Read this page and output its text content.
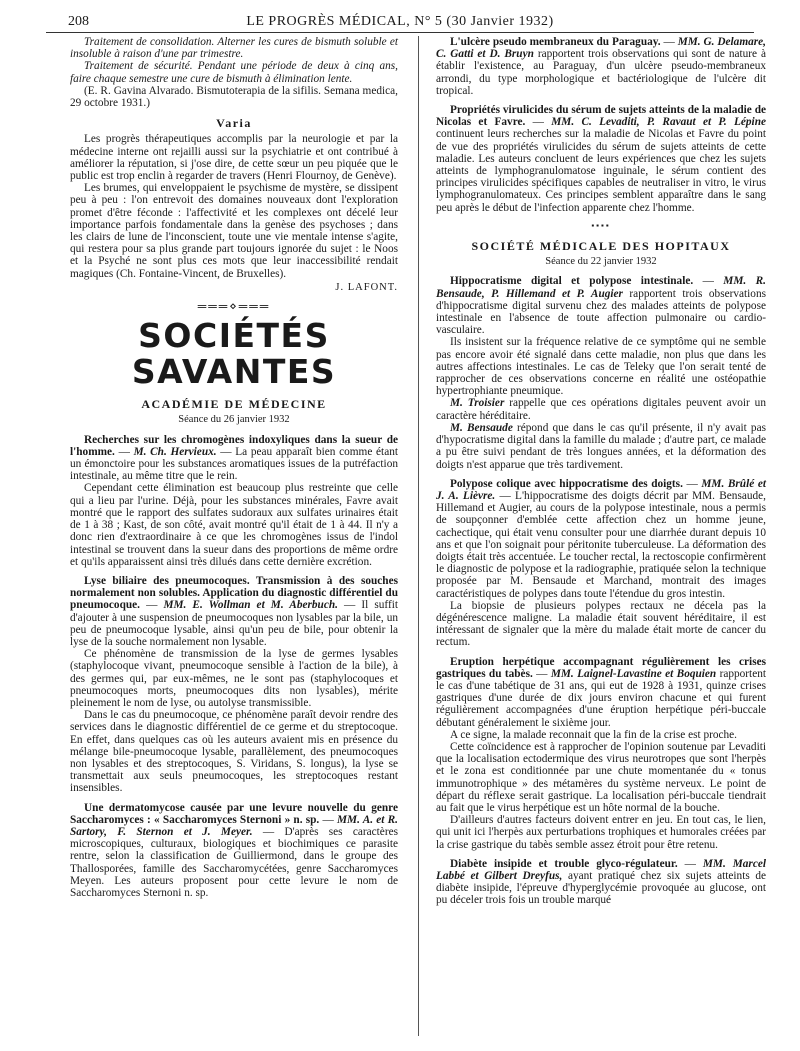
208	LE PROGRÈS MÉDICAL, N° 5 (30 Janvier 1932)

Traitement de consolidation. Alterner les cures de bismuth soluble et insoluble à raison d'une par trimestre.

Traitement de sécurité. Pendant une période de deux à cinq ans, faire chaque semestre une cure de bismuth à élimination lente.

(E. R. Gavina Alvarado. Bismutoterapia de la sifilis. Semana medica, 29 octobre 1931.)

Varia

Les progrès thérapeutiques accomplis par la neurologie et par la médecine interne ont rejailli aussi sur la psychiatrie et ont contribué à améliorer la réputation, si j'ose dire, de cette sœur un peu piquée que le public est trop enclin à regarder de travers (Henri Flournoy, de Genève).

Les brumes, qui enveloppaient le psychisme de mystère, se dissipent peu à peu : l'on entrevoit des domaines nouveaux dont l'exploration promet d'être féconde : l'affectivité et les complexes ont décelé leur importance parfois fondamentale dans la genèse des psychoses ; dans les clairs de lune de l'inconscient, toute une vie mentale intense s'agite, qui restera pour sa plus grande part toujours ignorée du sujet : le Noos et la Psyché ne sont plus ces mots que leur inaccessibilité rendait magiques (Ch. Fontaine-Vincent, de Bruxelles).

J. LAFONT.
═══⋄═══
SOCIÉTÉS SAVANTES
ACADÉMIE DE MÉDECINE
Séance du 26 janvier 1932

Recherches sur les chromogènes indoxyliques dans la sueur de l'homme. — M. Ch. Hervieux. — La peau apparaît bien comme étant un émonctoire pour les substances aromatiques issues de la putréfaction intestinale, au même titre que le rein.

Cependant cette élimination est beaucoup plus restreinte que celle qui a lieu par l'urine. Déjà, pour les substances minérales, Favre avait montré que le rapport des sulfates sudoraux aux sulfates urinaires était de 1 à 38 ; Kast, de son côté, avait montré qu'il était de 1 à 44. Il n'y a donc rien d'extraordinaire à ce que les chromogènes issus de l'indol intestinal se trouvent dans la sueur dans des proportions de même ordre et qu'ils apparaissent ainsi très dilués dans cette dernière excrétion.

Lyse biliaire des pneumocoques. Transmission à des souches normalement non solubles. Application du diagnostic différentiel du pneumocoque. — MM. E. Wollman et M. Aberbuch. — Il suffit d'ajouter à une suspension de pneumocoques non lysables par la bile, un peu de pneumocoque lysable, ainsi qu'un peu de bile, pour obtenir la lyse de la souche normalement non lysable.

Ce phénomène de transmission de la lyse de germes lysables (staphylocoque vivant, pneumocoque sensible à l'action de la bile), à des germes qui, par eux-mêmes, ne le sont pas (staphylocoques et pneumocoques morts, pneumocoques dits non lysables), mérite pleinement le nom de lyse, ou autolyse transmissible.

Dans le cas du pneumocoque, ce phénomène paraît devoir rendre des services dans le diagnostic différentiel de ce germe et du streptocoque. En effet, dans quelques cas où les auteurs avaient mis en présence du mélange bile-pneumocoque lysable, parallèlement, des pneumocoques non lysables et des streptocoques, S. Viridans, S. longus), la lyse se transmettait aux seuls pneumocoques, les streptocoques restant insensibles.

Une dermatomycose causée par une levure nouvelle du genre Saccharomyces : « Saccharomyces Sternoni » n. sp. — MM. A. et R. Sartory, F. Sternon et J. Meyer. — D'après ses caractères microscopiques, culturaux, biologiques et biochimiques ce parasite rentre, selon la classification de Guilliermond, dans le groupe des Thallosporées, famille des Saccharomycétées, genre Saccharomyces Meyen. Les auteurs proposent pour cette levure le nom de Saccharomyces Sternoni n. sp.

L'ulcère pseudo membraneux du Paraguay. — MM. G. Delamare, C. Gatti et D. Bruyn rapportent trois observations qui sont de nature à établir l'existence, au Paraguay, d'un ulcère pseudo-membraneux arrondi, du type morphologique et bactériologique de l'ulcère dit tropical.

Propriétés virulicides du sérum de sujets atteints de la maladie de Nicolas et Favre. — MM. C. Levaditi, P. Ravaut et P. Lépine continuent leurs recherches sur la maladie de Nicolas et Favre du point de vue des propriétés virulicides du sérum de sujets atteints de cette maladie. Les auteurs concluent de leurs expériences que chez les sujets atteints de lymphogranulomatose inguinale, le sérum contient des principes virulicides spécifiques capables de neutraliser in vitro, le virus lymphogranulomateux. Ces principes semblent apparaître dans le sang peu après le début de l'infection apparente chez l'homme.

▪▪▪▪
SOCIÉTÉ MÉDICALE DES HOPITAUX
Séance du 22 janvier 1932

Hippocratisme digital et polypose intestinale. — MM. R. Bensaude, P. Hillemand et P. Augier rapportent trois observations d'hippocratisme digital survenu chez des malades atteints de polypose intestinale en l'absence de toute affection pulmonaire ou cardio-vasculaire.

Ils insistent sur la fréquence relative de ce symptôme qui ne semble pas encore avoir été signalé dans cette maladie, non plus que dans les autres affections intestinales. Le cas de Teleky que l'on serait tenté de rapprocher de ces observations concerne en réalité une ostéopathie hypertrophiante pneumique.

M. Troisier rappelle que ces opérations digitales peuvent avoir un caractère héréditaire.

M. Bensaude répond que dans le cas qu'il présente, il n'y avait pas d'hypocratisme digital dans la famille du malade ; d'autre part, ce malade a pu être suivi pendant de très longues années, et la déformation des doigts n'est apparue que très tardivement.

Polypose colique avec hippocratisme des doigts. — MM. Brûlé et J. A. Lièvre. — L'hippocratisme des doigts décrit par MM. Bensaude, Hillemand et Augier, au cours de la polypose intestinale, nous a permis de soupçonner d'emblée cette affection chez un homme jeune, cachectique, qui était venu consulter pour une diarrhée durant depuis 10 ans et que l'on soignait pour péritonite tuberculeuse. La déformation des doigts était très accentuée. Le toucher rectal, la rectoscopie confirmèrent le diagnostic de polypose et la radiographie, pratiquée selon la technique proposée par M. Bensaude et Marchand, montrait des images caractéristiques de polypes dans toute l'étendue du gros intestin.

La biopsie de plusieurs polypes rectaux ne décela pas la dégénérescence maligne. La maladie était souvent héréditaire, il est intéressant de signaler que la mère du malade était morte de cancer du rectum.

Eruption herpétique accompagnant régulièrement les crises gastriques du tabès. — MM. Laignel-Lavastine et Boquien rapportent le cas d'une tabétique de 31 ans, qui eut de 1928 à 1931, quinze crises gastriques d'une durée de dix jours environ chacune et qui furent régulièrement accompagnées d'une éruption herpétique péri-buccale débutant généralement le sixième jour.

A ce signe, la malade reconnait que la fin de la crise est proche.

Cette coïncidence est à rapprocher de l'opinion soutenue par Levaditi que la localisation ectodermique des virus neurotropes que sont l'herpès et le zona est conditionnée par une chute momentanée du « tonus immunotrophique » des métamères du système nerveux. Le point de départ du réflexe serait gastrique. La localisation péri-buccale tiendrait au fait que le virus herpétique est un hôte normal de la bouche.

D'ailleurs d'autres facteurs doivent entrer en jeu. En tout cas, le lien, qui unit ici l'herpès aux perturbations trophiques et humorales créées par la crise gastrique du tabès semble assez étroit pour être retenu.

Diabète insipide et trouble glyco-régulateur. — MM. Marcel Labbé et Gilbert Dreyfus, ayant pratiqué chez six sujets atteints de diabète insipide, l'épreuve d'hyperglycémie provoquée au glucose, ont pu déceler trois fois un trouble marqué
